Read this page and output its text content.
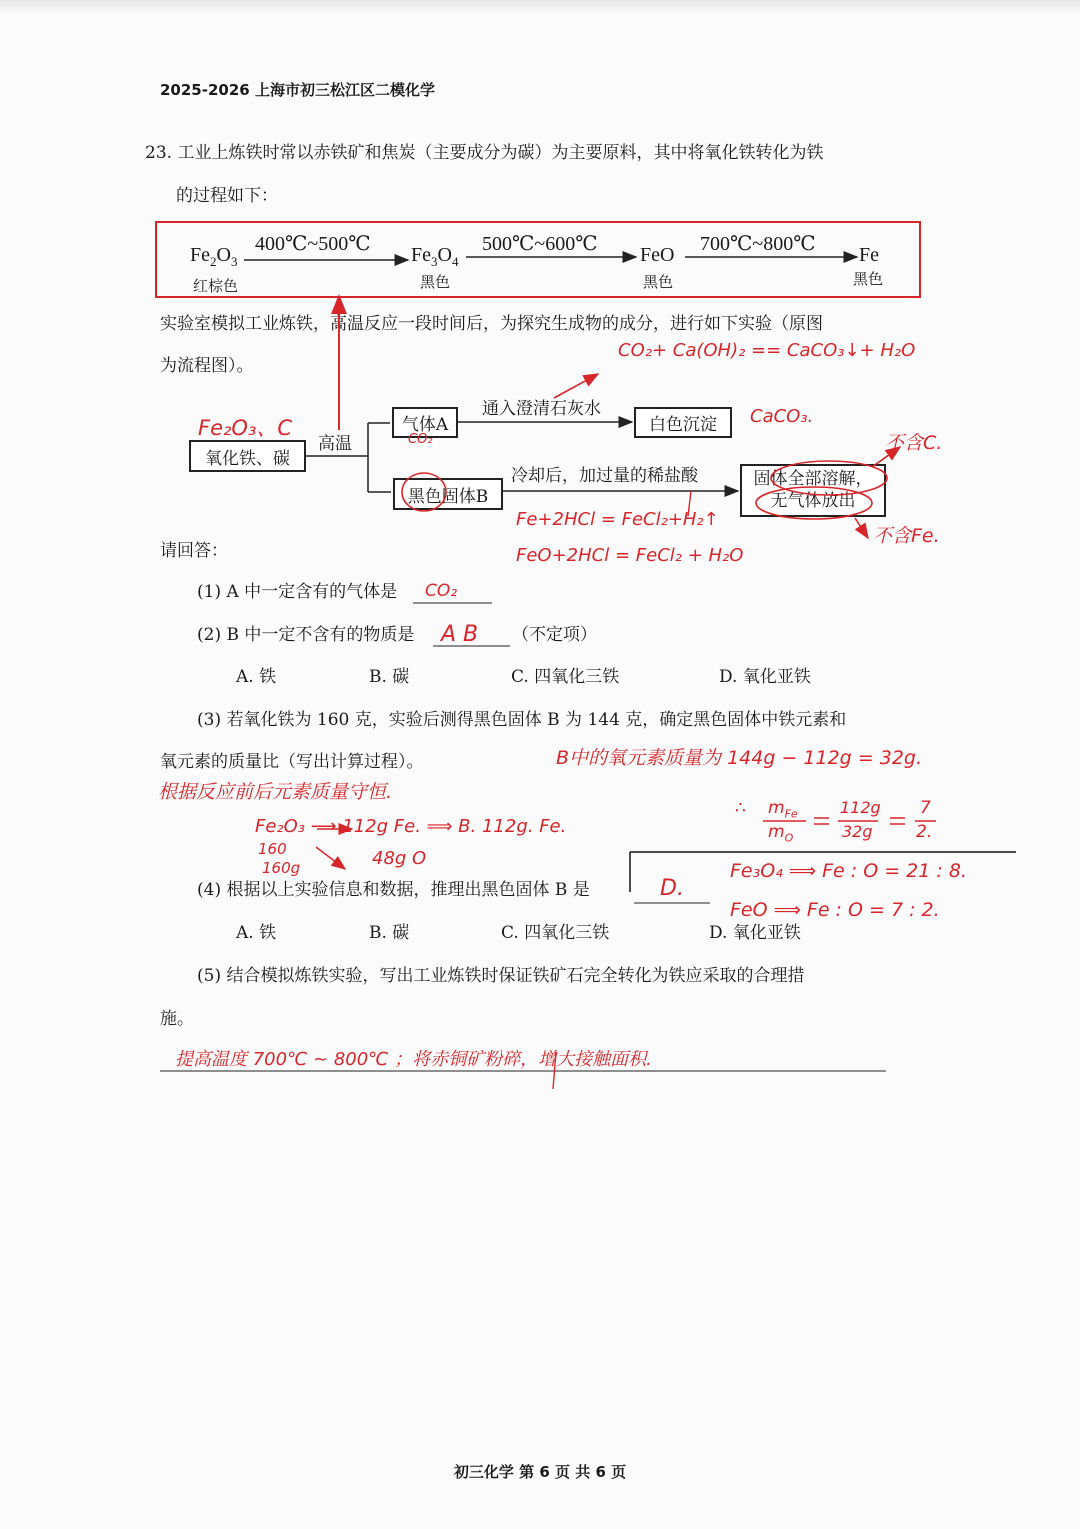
2025-2026 上海市初三松江区二模化学
23. 工业上炼铁时常以赤铁矿和焦炭（主要成分为碳）为主要原料，其中将氧化铁转化为铁
的过程如下：
$Fe_2O_3$
红棕色
400℃~500℃ $Fe_3O_4$
黑色
500℃~600℃ FeO
黑色
700℃~800℃ Fe
黑色
实验室模拟工业炼铁，高温反应一段时间后，为探究生成物的成分，进行如下实验（原图
为流程图）。
氧化铁、碳
高温
气体A
通入澄清石灰水
白色沉淀
黑色固体B
冷却后，加过量的稀盐酸	固体全部溶解，
无气体放出
Fe₂O₃、C
CO₂+ Ca(OH)₂ == CaCO₃↓+ H₂O
CO₂
CaCO₃.
不含C.
不含Fe.
Fe+2HCl = FeCl₂+H₂↑
FeO+2HCl = FeCl₂ + H₂O
请回答：
(1) A 中一定含有的气体是 CO₂
(2) B 中一定不含有的物质是 A B （不定项）
A. 铁	B. 碳	C. 四氧化三铁	D. 氧化亚铁
(3) 若氧化铁为 160 克，实验后测得黑色固体 B 为 144 克，确定黑色固体中铁元素和
氧元素的质量比（写出计算过程）。	B中的氧元素质量为 144g − 112g = 32g.
根据反应前后元素质量守恒.
Fe₂O₃ ⟶ 112g Fe. ⟹ B. 112g. Fe.
160
160g	48g O
∴ $m_{Fe}$
$m_O$
112g
32g
7
2.
Fe₃O₄ ⟹ Fe : O = 21 : 8.
FeO ⟹ Fe : O = 7 : 2.
(4) 根据以上实验信息和数据，推理出黑色固体 B 是	D.
A. 铁	B. 碳	C. 四氧化三铁	D. 氧化亚铁
(5) 结合模拟炼铁实验，写出工业炼铁时保证铁矿石完全转化为铁应采取的合理措
施。
提高温度 700℃ ~ 800℃ ；将赤铜矿粉碎，增大接触面积.
初三化学 第 6 页 共 6 页
